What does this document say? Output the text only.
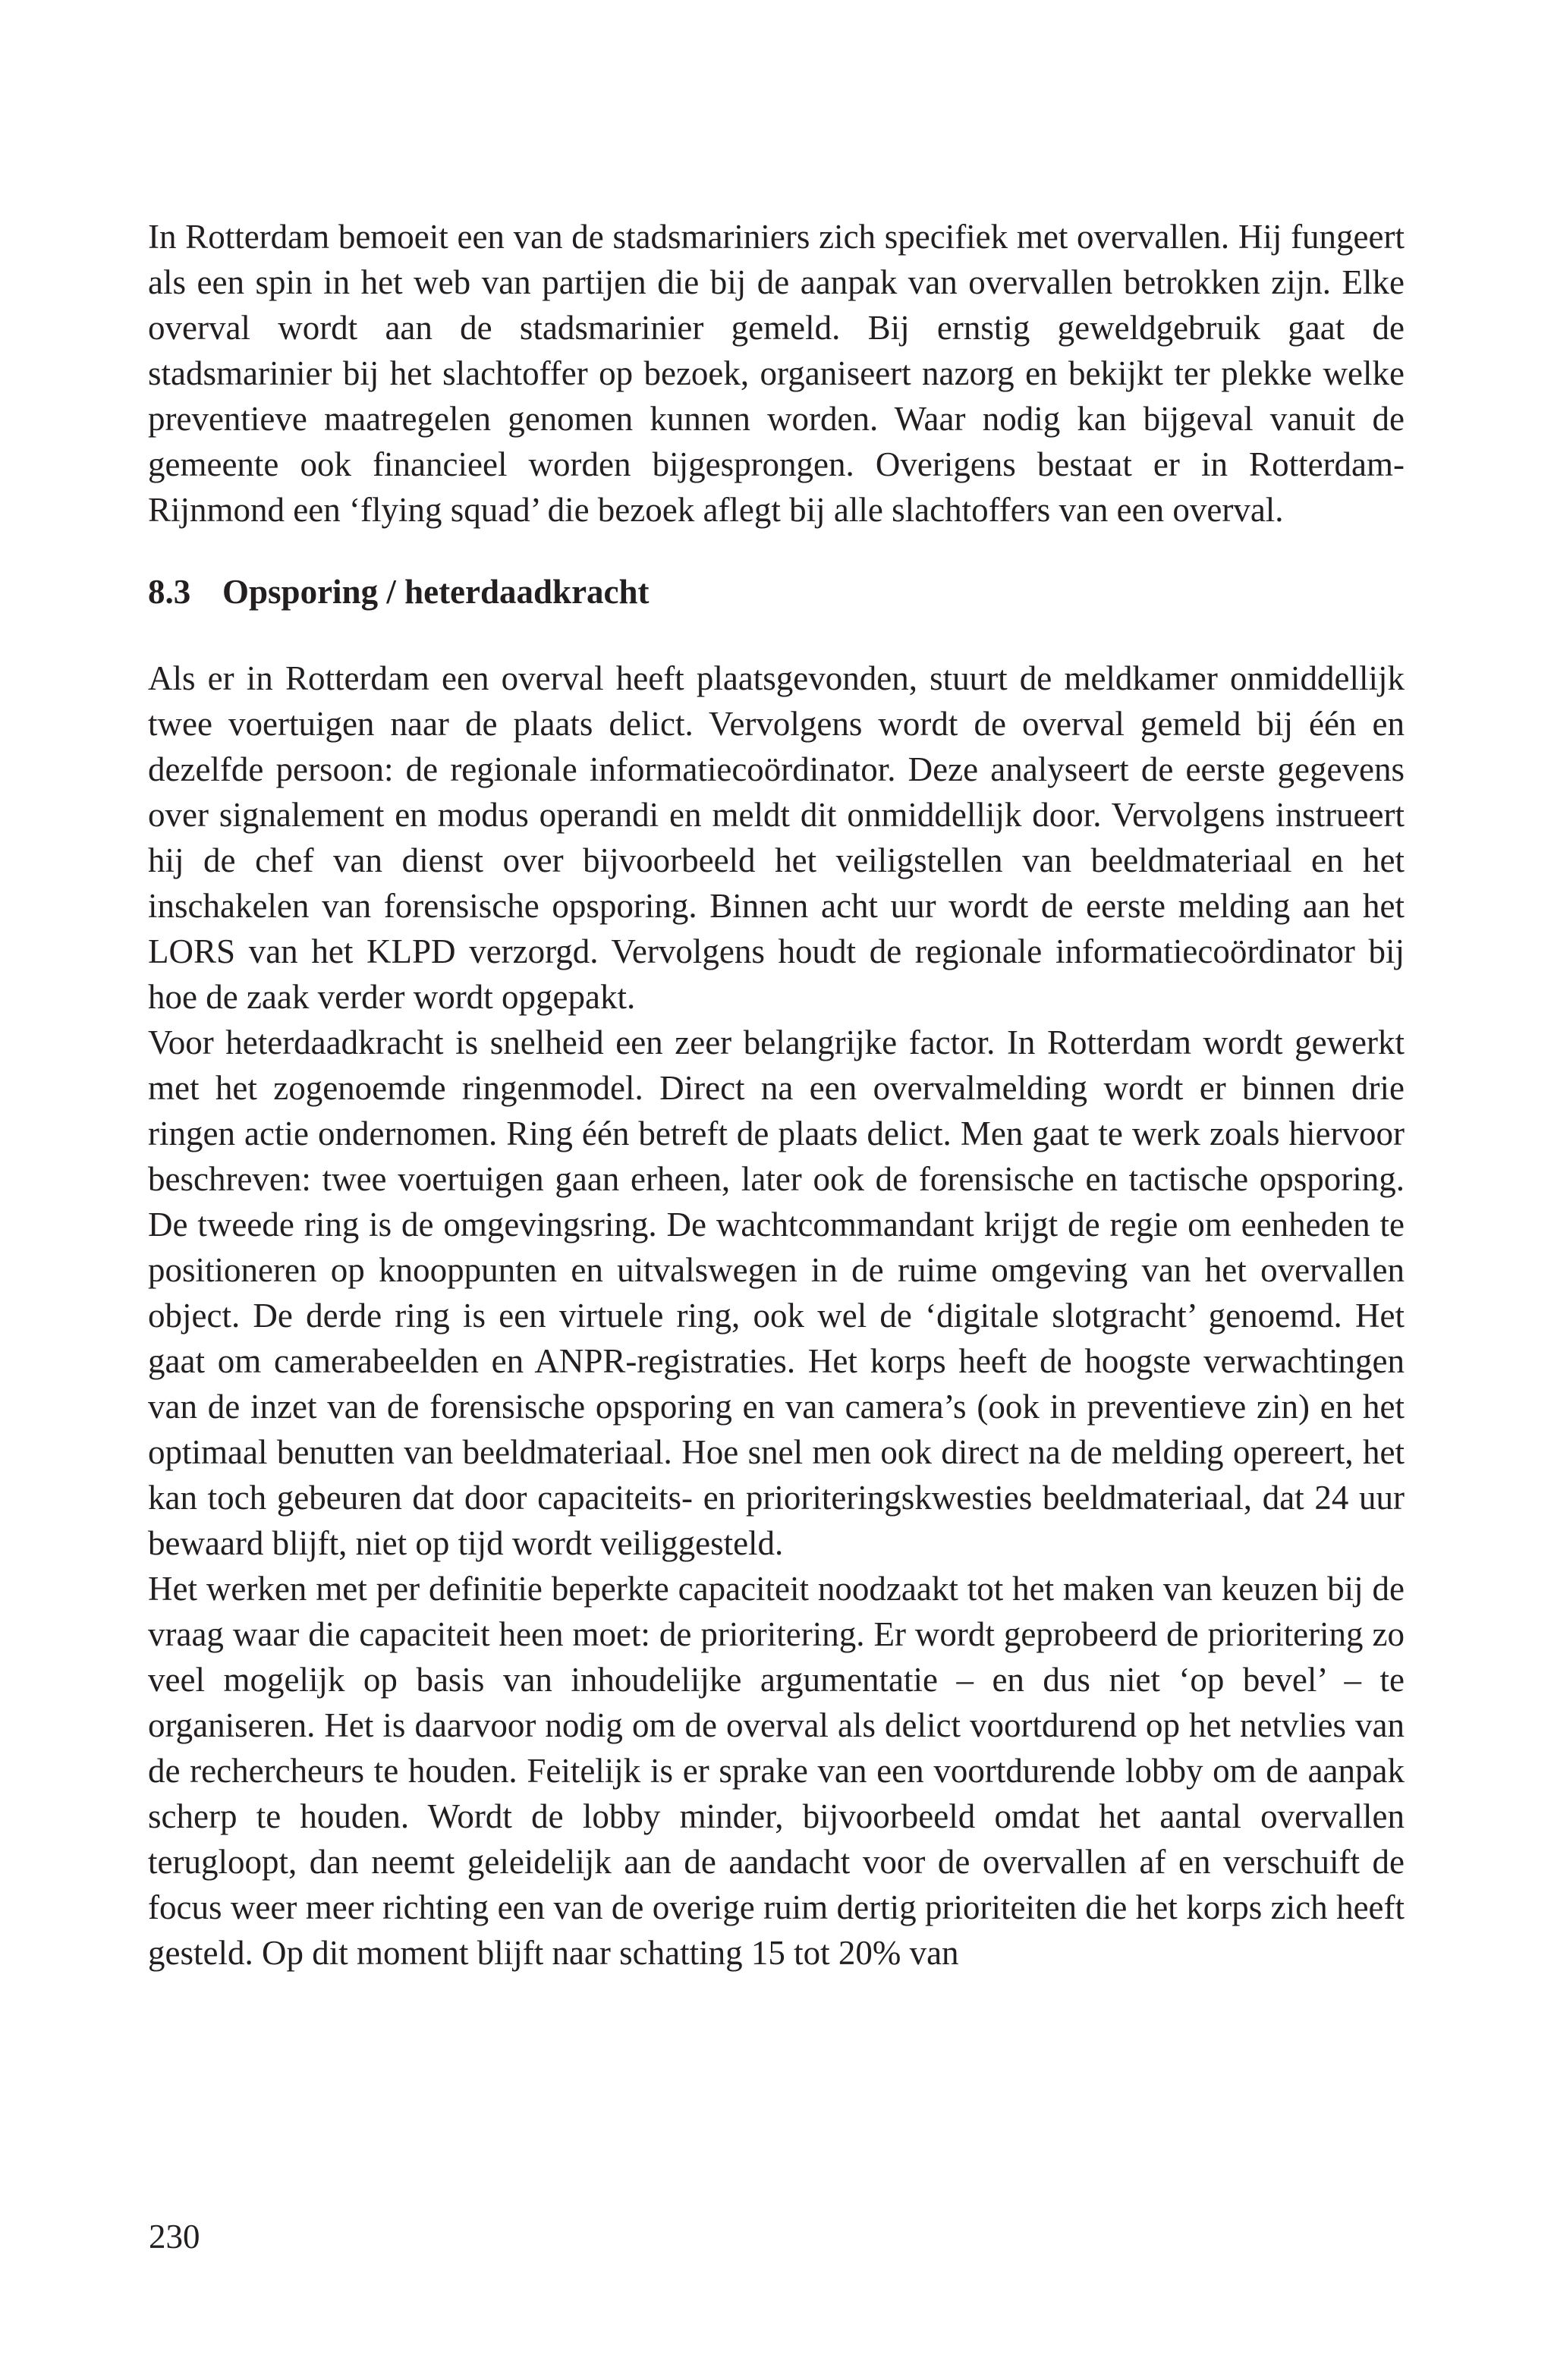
In Rotterdam bemoeit een van de stadsmariniers zich specifiek met overvallen. Hij fungeert als een spin in het web van partijen die bij de aanpak van overvallen betrokken zijn. Elke overval wordt aan de stadsmarinier gemeld. Bij ernstig geweldgebruik gaat de stadsmarinier bij het slachtoffer op bezoek, organiseert nazorg en bekijkt ter plekke welke preventieve maatregelen genomen kunnen worden. Waar nodig kan bijgeval vanuit de gemeente ook financieel worden bijgesprongen. Overigens bestaat er in Rotterdam-Rijnmond een ‘flying squad’ die bezoek aflegt bij alle slachtoffers van een overval.

8.3 Opsporing / heterdaadkracht

Als er in Rotterdam een overval heeft plaatsgevonden, stuurt de meldkamer onmiddellijk twee voertuigen naar de plaats delict. Vervolgens wordt de overval gemeld bij één en dezelfde persoon: de regionale informatiecoördinator. Deze analyseert de eerste gegevens over signalement en modus operandi en meldt dit onmiddellijk door. Vervolgens instrueert hij de chef van dienst over bijvoorbeeld het veiligstellen van beeldmateriaal en het inschakelen van forensische opsporing. Binnen acht uur wordt de eerste melding aan het LORS van het KLPD verzorgd. Vervolgens houdt de regionale informatiecoördinator bij hoe de zaak verder wordt opgepakt.

Voor heterdaadkracht is snelheid een zeer belangrijke factor. In Rotterdam wordt gewerkt met het zogenoemde ringenmodel. Direct na een overvalmelding wordt er binnen drie ringen actie ondernomen. Ring één betreft de plaats delict. Men gaat te werk zoals hiervoor beschreven: twee voertuigen gaan erheen, later ook de forensische en tactische opsporing. De tweede ring is de omgevingsring. De wachtcommandant krijgt de regie om eenheden te positioneren op knooppunten en uitvalswegen in de ruime omgeving van het overvallen object. De derde ring is een virtuele ring, ook wel de ‘digitale slotgracht’ genoemd. Het gaat om camerabeelden en ANPR-registraties. Het korps heeft de hoogste verwachtingen van de inzet van de forensische opsporing en van camera’s (ook in preventieve zin) en het optimaal benutten van beeldmateriaal. Hoe snel men ook direct na de melding opereert, het kan toch gebeuren dat door capaciteits- en prioriteringskwesties beeldmateriaal, dat 24 uur bewaard blijft, niet op tijd wordt veiliggesteld.

Het werken met per definitie beperkte capaciteit noodzaakt tot het maken van keuzen bij de vraag waar die capaciteit heen moet: de prioritering. Er wordt geprobeerd de prioritering zo veel mogelijk op basis van inhoudelijke argumentatie – en dus niet ‘op bevel’ – te organiseren. Het is daarvoor nodig om de overval als delict voortdurend op het netvlies van de rechercheurs te houden. Feitelijk is er sprake van een voortdurende lobby om de aanpak scherp te houden. Wordt de lobby minder, bijvoorbeeld omdat het aantal overvallen terugloopt, dan neemt geleidelijk aan de aandacht voor de overvallen af en verschuift de focus weer meer richting een van de overige ruim dertig prioriteiten die het korps zich heeft gesteld. Op dit moment blijft naar schatting 15 tot 20% van

230
